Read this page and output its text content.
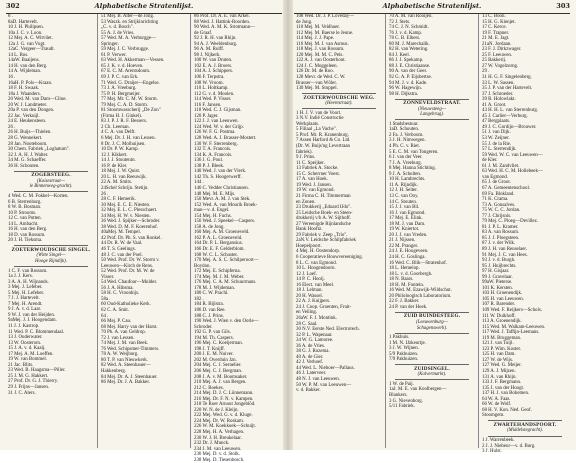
302	Alphabetische Stratenlijst.
8 .
8aD. Hartevelt.
10 J. H. Philipsen.
10a J. C. v. Loon.
12 Mej. A. C. Witvliet.
12a J. G. van Vugt.
12aC. Vergeer—Traudt.
14 L. Bos.
14aW. Baaijens.
14 H. van den Berg.
14 A. Wijdeman.
16 .
16aH. P. Pols—Kraan.
18 F. H. Swaak.
18a J. Waanders.
20 Wed. M. van Dam—Cline.
20 W. J. Landmeter.
20a P. van den Dongen.
22 Jac. Verkuijl.
24 E. Heukensteen.
26 .
26 H. Buijs—Thielen.
28 G. Wennekert.
28 Jan. Nooteboom.
30 Chem. Fabriek „Loghatum".
32 J. A. H. J. Walter.
34 M. G. Schaeffer.
36 H. Schouten.
ZOGERSTEEG.
(Koisestraat—
le Binnenweg-gracht).
4 Wed. C. M. Fokkel—Korten.
6 B. Sterrenburg.
8 W. B. Bosman.
10 P. Strooms.
12 C. van Putten.
14 L. Ambacht.
16 H. van den Berg.
18 D. van Rossum.
20 J. H. Tieksma.
ZOETERWOUDSCHE SINGEL.
(Witte Singel—
Hooge Rijndijk).
1 C. F. van Rossum.
1a J. J. Kers.
3 A. A. H. Wijnands.
3 Mej. J. Lefeber.
5 Mej. H. Lefeber.
7 J. J. Hartevelt.
7 Mej. H. Arendt.
9 J. A. v. d. Laar.
9 W. J. van der Heijden.
9aMej. J. J. Hoogendam.
11 J. J. Kastrop.
11 Wed. P. C. Blommendaal.
13 J. Ouderwater.
13 W. Oosterom.
15 J. A. v. d. Kaaij.
17 Mej. A. M. Loeffen.
19 W. van Bommel.
21 Jac. Blits.
23 Wed. B. Haagsma—Piller.
25 J. M. G. Hakkert.
27 Prof. Dr. G. J. Thierry.
29 J. Frijns—Jansen.
31 J. C. Alers.
51 Mej. B. Alter—de Jong.
53 Waszk. en Strijkinrichting
„C. v. d. Bosch".
55 A. J. de Vries.
57 Wed. M. A. Verburgge—
Springer.
59 Mej. J. C. Verbrugge.
61 P. Verwer.
63 Wed. H. Akkerman—Vessen.
65 J. K. v. d. Hoeven.
67 E. C. M. Arentsdoum.
69 J. P. C. van Erk.
71 Wed. G. Draijer—Engelse.
73 J. A. Vreeburg.
75 P. H. Bergmeijer.
77 Mej. Mr. C. M. W. Storm.
79 Mej. C. A. D. Storm.
81 Stoomwasscherij „De Zon"
(Firma H. J. Ginkel).
83 J. P. J. R. F. Bessers.
2 Ch. Leeman.
4 C. A. van Delft.
6 Mej. Dr. J. H. van Lessen.
8 Dr. J. C. Molhuijsen.
10 Dr. P. W. Kamp.
12 J. Kikkert.
14 J. J. Stoutenm.
16 P. de Kler.
18 Mej. J. W. Quist.
20 L. H. van Reeuwijk.
22 A. M. Smits.
24Schel Schrijn. Stetijn.
26 .
28 C. F. Hemerik.
30 Mej. E. C. E. Niesten.
32 Mej. E. L. C. Plesschaert.
34 Mej. H. W. v. Niesten.
36 Wed. J. Spijker—Schroder.
38 Wed. D. M. F. Koerenhof.
40aMej. M. Tempel.
42 Prof. Dr. Ph. S. van Ronkel.
44 Dr. R. W. de Vaal.
46 T. S. Geelings.
48 J. C. van der Poel.
50 Wed. Prof. Dr. W. Storm v.
Leeuwen—Kirch de Rens.
52 Wed. Prof. Dr. M. W. de
Visser.
54 Wed. Chaufour—Mulder.
56 J. A. Hibsma.
58 H. C. Vroonhijs.
58a .
60 Oud-Katholieke Kerk.
62 C. A. Smit.
64 .
66 Mej. P. Cau.
68 Mej. Harry van der Harst.
70 Ph. A. van Geldrop.
72 J. van Lessen.
74 Mej. J. M. van Beek.
76 Wed. Schipsmer-Timmers.
78 A. W. Weijburg.
80 T. P. van Nieuwkerk.
82 Wed. A. Steenhauer—
Hakkenberg.
84 Mej. Dr. A. J. Steenhauer.
86 Mej. Dr. J. A. Bakker.
86 Prof. Dr. A. E. van Arkel.
88 Wed. J. Hattink-Roorden.
90 Wed. A. M. K. Strotmann—
de Graaf.
92 J. R. H. van Rhijn.
94 A. J. Weeldenburg.
96 A. M. Rolff.
98 J. Nijkerk.
100 W. van Druten.
102 E. A. J. Broers.
104 A. J. Schippers.
106 F. Terpstra.
108 W. Vroom.
110 L. Holtkamp.
112 G. v. d. Moolen.
114 Wed. P. Visser.
116 F. Jansen.
118 Wed. C. J. Gijsman.
120 P. Jager.
122 J. J. van Leeuwen.
124 Wed. W. v. der Grijp.
126 W. F. G. Postma.
128 Wed. A. J. Brasser-Mostert.
130 W. F. Sterrenberg.
132 T. A. Francois.
134 K. A. Francois.
136 J. G. Poul.
138 P. J. Bleek.
140 Wed. J. van der Vlerk.
142 Th. S. Hoogerwerff.
144 .
146 C. Vedder Christiansen.
148 Mej. M. E. Mijs.
150 Mevr. A. M. J. van Stek.
152 Wed. A. van Mourik Broek-
man—v. d. Engel.
154 Mej. H. Fuchs.
156 Wed. J. Speekel—Caspers.
158 A. de Jong.
160 Mej. A. M. Groeneveld.
162 P. A. L. Groeneveld.
164 Dr. P. L. Bergansius.
166 Dr. E. F. Gelderblom.
168 W. C. L. Schuster.
170 Mej. A. S. C. Schilperoort—
Boydon.
172 Mej. E. Schipferna.
174 Mej. M. J. M. Weber.
176 Mej. C. A. M. Schuurmans.
178 M. J. Wijdeman.
180 C. W. Prachl.
182 .
184 R. Bijlstra.
186 D. van Ree.
188 C. J. Prins.
190 Wed. J. Wien v. den Oorle—
Schroder.
192 G. P. van Gils.
194 M. Th. Caspers.
196 Mej. C. Koeijerman.
198 J. T. Knijff.
200 J. E. M. Nuiver.
202 M. Overduin Jzn.
204 Mej. C. J. Sernelier.
206 Mej. C. J. Bergman.
208 J. A. v. M. Boomsaker.
210 Mej. A. J. van Bergen.
212 C. Boekes.
214 Mej. D. J. C. Lünnemann.
216 Mej. Dr. F. N. v. Kampen.
218 Te Roer Arnout Jongeblöd.
220 W. N. de J. Kleijn.
222 Mej. Wed. G. v. d. Kluge.
224 Mej. Dr. W. Roskam.
226 W. M. Koekkoek—Schuijt.
228 Mej. H. A. Verhagen.
230 W. J. H. Breukelaar.
232 Dr. J. Munck.
234 J. M. van Leeuwen.
236 Mej. D. v. d. Stolk.
238 Mej. D. Tiesenbosch.
Alphabetische Stratenlijst.	303
108 Wed. Dr. J. P. Loveday—
de Jong.
110 Mej. M. Veldhuer.
112 Mej. M. Baerse le Jeune.
114 Mej. J. J. Pape.
116 Mej. M. J. van Asmus.
118 Mej. J. van Rossum.
120 Mej. M. M. C. Pels.
122 A. J. van Oosterhout.
124 J. C. Moggeleen.
126 Dr. M. de Roo.
128 Mevr. de Wed. C. W.
Brasser—van Wöler.
130 Mej. M. Stoppel.
ZOETERWOUDSCHE WEG.
(Heerestraat).
1 H. J. V. van de Voort.
3 N.V. Indië Constructie
Werkplaats.
5 Filiaal „La Vache".
5 Prof. Mr. R. Kranenburg.
7 Assen Harford & Co. Ltd.
(Dr. W. Buijs'ng Levertraan
fabriek).
9 J. Prins.
11 C. Speijker.
13 Fabriek A. Stocke.
15 C. Scherrner Voest.
17 A. van Hoek.
19 Wed. J. Jansen.
19 W. van Egmond.
21 Firma C. H. Timmerman
en Zonen.
23 Drukkerij „Eduard IJdo".
25 Leidsche Boek- en Steen-
drukkerij v/h A. W. Sijthoff.
27 Vereenigde Rijnlandsche
Bank Hooftz.
29 Fabriek v. Zeep „Trio".
2aN.V. Leidsche Schilpfabriek
Hoepelpoort.
4 Mej. H. Oostendorp.
6 Cooperatieve Bouwvereeniging.
8 L. C. van Egmond.
10 L. Hoogendoorn.
12 J. Loef.
14 P. C. Hooij.
16 Elect. van Meel.
18 J. Lelman.
20 H. Wassel.
22 A. J. Kuijpers.
24 J. Coop. Groenten, Fruit-
en Veiling.
26aW. F. J. Montink.
28 C. Saal.
30 N.V. Eerste Ned. Electrotech.
32 P. L. Wapenaar.
34 W. G. Lamoree.
36 A. de Vries.
38 G. J. Rozema.
40 A. de Gier.
42 J. Verhoef.
44 Wed. L. Nieboer—Pallaus.
46 J. Laterveer.
48 N. J. van Leeuwen.
50 W. P. M. van Leeuwen—
v. d. Bakker.
70 A. M. van Rooijen.
72 J. Stets.
74 C. J. N. Schmidt.
76 J. v. d. Kamp.
78 C. B. Elbers.
80 M. J. Marechalik.
82 H. van Wetering.
84 J. Keel.
86 J. J. Spekamp.
88 J. E. Christiaanse.
90 A. van der Geer.
92 G. A. P. Eijsbertse.
94 M. J. v. d. Kade.
96 W. Hagewijn.
98 H. Dijkstra.
ZONNEVELDSTRAAT.
(Nieuwsteeg—
Langebrug).
1 Stadsbestuur.
1aD. Schouten.
2 Fa. J. Verboom.
3 J. H. Nimwegen.
4 Ph. C. v. Riet.
5 E. C. M. van Tongeren.
6 J. van der Veer.
7 J. A. Vreeburg.
8 Mej. Hanna Stichting.
9 J. A. Scholten.
10 H. Lambrechts.
11 A. Rijndijk.
12 J. H. Selter.
13 C. van Ooy.
14 C. Stouten.
15 J. J. van Bil.
16 J. van Egmond.
17 Mej. E. Elink.
18 M. J. van Dam.
19 W. Kniertot.
20 J. J. van Vreden.
21 J. Nijssen.
22 M. Pranger.
24 J. E. Hoogeveen.
24 H. C. Goslinga.
16 Wed. C. Blik—Stratenhof.
18 L. Hemelop.
18 L. v. d. Goorbergh.
18 N. Baars.
18 H. M. Fontein.
16 Wed. M. Ezawijk-Wildschut.
20 Philoloogisch Laboratorium.
22 F. J. Bakker.
24 P. van der Hoek.
ZUID BUINDESTEEG.
(Leeuwenburg—
Schagenswerk).
1 Pakhuis.
1 M. N. IJzkeurtje.
3 J. W. Wijnen.
5/9 Pakhuizen.
7/9 Pakhuizen.
ZUIDSINGEL.
(Kolvermarkt).
1 W. de Paij.
1aJ. M. E. van Koolbergen—
Blankers.
3 G. Nievenborg.
5/11 Fabriek.
13 C. Boon.
15 H. G. Kienjet.
17 C. Kerce.
19 F. Trapner.
21 M. E. Jagt.
21aN. Jordaan.
23 F. J. Dirkzwager.
25 F. Leeuwen.
25 Bakkerij.
27 W. Vogelzorng.
29 .
31 H. G. F. Singelenberg.
33 L. W. Sassen.
35 J. P. van der Hartevelt.
37 J. Schroeder.
39 R. Holowlakt.
41 A. Groot.
43 H. H. L. van Sterrenburg.
45 J. Carlier—Verburg.
47 Bergplaats.
49 J. C. Gordijn—Brouwer.
51 J. van Dijk.
53 W. Zeijner.
55 J. de la Rie.
57 L. Sterrendijk.
59 Wed. W. C. van Leeuwen—
de Kler.
61 J. M. Zandvliet.
63 Wed. H. C. M. Hollebeek—
van Egmond.
65 J. de Groot.
67 A. Gemeentenschool.
69 Fa. Blokland.
71 K. Crama.
73 A. Gonsalves.
75 W. C. C. Jordan.
77 J. Chrijsnis.
79 Mej. C. Ploeg—Devillez.
81 J. P. L. Kramer.
83 A. van Rossum.
85 J. J. Ploegsteen.
87 J. v. der Wilk.
89 J. H. van Reuselaer.
91 Mej. J. C. van Hees.
93 J. v. d. Burgh.
95 J. Huijbrechts.
97 H. Gisjaar.
99 J. Gravelaar.
99aW. Pieterse.
101 K. Kersten.
103 H. Groenendijk.
105 H. van Leeuwen.
107 R. Barender.
109 Wed. F. Reijkers—Schols.
111 W. Duikhoff.
113 A. Groenendijk.
115 Wed. M. Walkam-Leeuwen.
117 Wed. J. Taffijn-Leemans.
119 M. Bruggeman.
121 J. van Tuijl.
123 P. Wim. Koster.
125 H. van Dam.
127 W. de Wijs.
127 Wed. G. Meijer.
129 A. J. Mijzen.
131 A. van Rhijn.
133 J. F. Bergmann.
135 J. van der Hoogt.
137 H. J. van Bohemen.
64 W. A. Faas.
66 W. de Wolf.
68 H. V. Kon. Ned. Geof.
Stoomgem.
ZWARTEHANDSPOORT.
(Middelstegracht).
1 J. Warrenbeek.
2 J. J. Niebeur—v. d. Burg.
3 J. Hulst.
